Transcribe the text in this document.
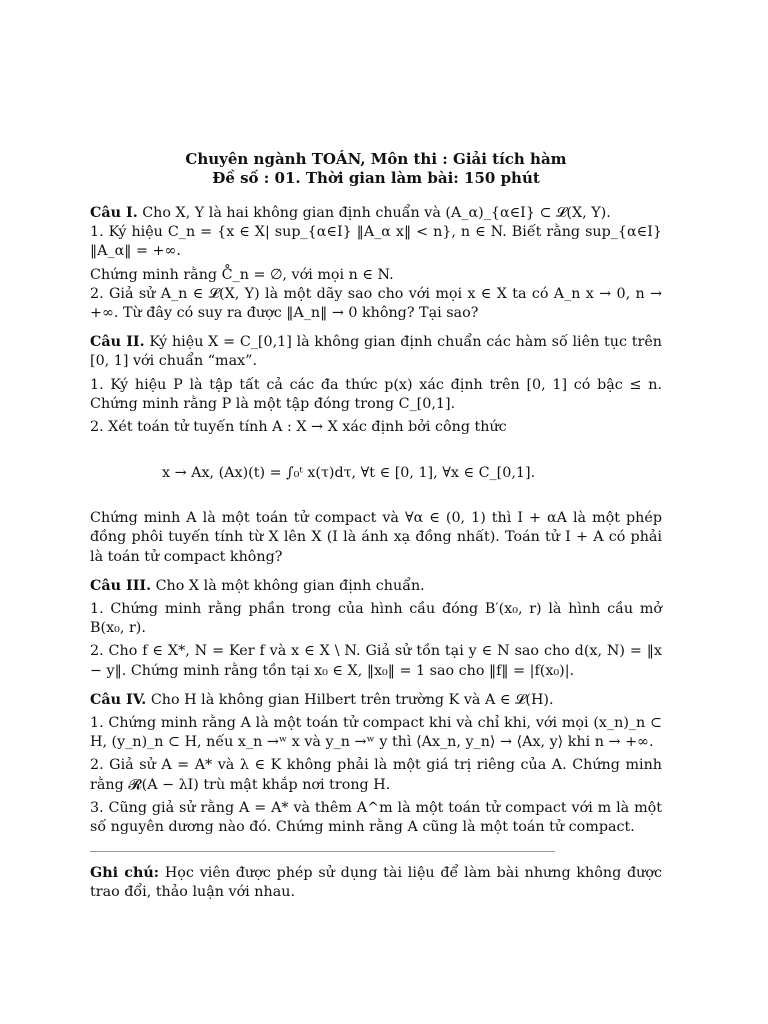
Chuyên ngành TOÁN, Môn thi : Giải tích hàm
Đề số : 01. Thời gian làm bài: 150 phút

Câu I. Cho X, Y là hai không gian định chuẩn và (A_α)_{α∈I} ⊂ 𝓛(X, Y).

1. Ký hiệu C_n = {x ∈ X| sup_{α∈I} ‖A_α x‖ < n}, n ∈ N. Biết rằng sup_{α∈I} ‖A_α‖ = +∞.

Chứng minh rằng C̊_n = ∅, với mọi n ∈ N.

2. Giả sử A_n ∈ 𝓛(X, Y) là một dãy sao cho với mọi x ∈ X ta có A_n x → 0, n → +∞. Từ đây có suy ra được ‖A_n‖ → 0 không? Tại sao?

Câu II. Ký hiệu X = C_[0,1] là không gian định chuẩn các hàm số liên tục trên [0, 1] với chuẩn “max”.

1. Ký hiệu P là tập tất cả các đa thức p(x) xác định trên [0, 1] có bậc ≤ n. Chứng minh rằng P là một tập đóng trong C_[0,1].

2. Xét toán tử tuyến tính A : X → X xác định bởi công thức

x → Ax, (Ax)(t) = ∫₀ᵗ x(τ)dτ, ∀t ∈ [0, 1], ∀x ∈ C_[0,1].

Chứng minh A là một toán tử compact và ∀α ∈ (0, 1) thì I + αA là một phép đồng phôi tuyến tính từ X lên X (I là ánh xạ đồng nhất). Toán tử I + A có phải là toán tử compact không?

Câu III. Cho X là một không gian định chuẩn.

1. Chứng minh rằng phần trong của hình cầu đóng B′(x₀, r) là hình cầu mở B(x₀, r).

2. Cho f ∈ X*, N = Ker f và x ∈ X \ N. Giả sử tồn tại y ∈ N sao cho d(x, N) = ‖x − y‖. Chứng minh rằng tồn tại x₀ ∈ X, ‖x₀‖ = 1 sao cho ‖f‖ = |f(x₀)|.

Câu IV. Cho H là không gian Hilbert trên trường K và A ∈ 𝓛(H).

1. Chứng minh rằng A là một toán tử compact khi và chỉ khi, với mọi (x_n)_n ⊂ H, (y_n)_n ⊂ H, nếu x_n →ʷ x và y_n →ʷ y thì ⟨Ax_n, y_n⟩ → ⟨Ax, y⟩ khi n → +∞.

2. Giả sử A = A* và λ ∈ K không phải là một giá trị riêng của A. Chứng minh rằng 𝓡(A − λI) trù mật khắp nơi trong H.

3. Cũng giả sử rằng A = A* và thêm A^m là một toán tử compact với m là một số nguyên dương nào đó. Chứng minh rằng A cũng là một toán tử compact.

Ghi chú: Học viên được phép sử dụng tài liệu để làm bài nhưng không được trao đổi, thảo luận với nhau.
